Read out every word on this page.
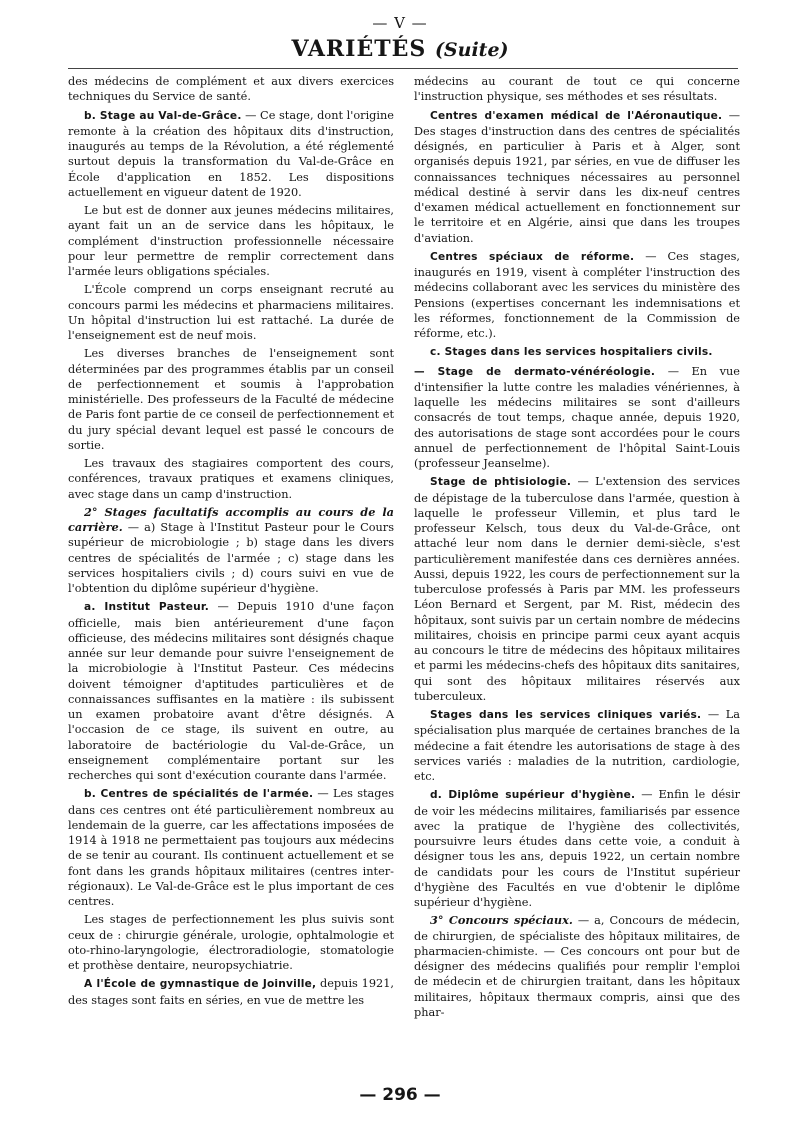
— V —
VARIÉTÉS (Suite)

des médecins de complément et aux divers exercices techniques du Service de santé.

b. Stage au Val-de-Grâce. — Ce stage, dont l'origine remonte à la création des hôpitaux dits d'instruction, inaugurés au temps de la Révolution, a été réglementé surtout depuis la transformation du Val-de-Grâce en École d'application en 1852. Les dispositions actuellement en vigueur datent de 1920.

Le but est de donner aux jeunes médecins militaires, ayant fait un an de service dans les hôpitaux, le complément d'instruction professionnelle nécessaire pour leur permettre de remplir correctement dans l'armée leurs obligations spéciales.

L'École comprend un corps enseignant recruté au concours parmi les médecins et pharmaciens militaires. Un hôpital d'instruction lui est rattaché. La durée de l'enseignement est de neuf mois.

Les diverses branches de l'enseignement sont déterminées par des programmes établis par un conseil de perfectionnement et soumis à l'approbation ministérielle. Des professeurs de la Faculté de médecine de Paris font partie de ce conseil de perfectionnement et du jury spécial devant lequel est passé le concours de sortie.

Les travaux des stagiaires comportent des cours, conférences, travaux pratiques et examens cliniques, avec stage dans un camp d'instruction.

2° Stages facultatifs accomplis au cours de la carrière. — a) Stage à l'Institut Pasteur pour le Cours supérieur de microbiologie ; b) stage dans les divers centres de spécialités de l'armée ; c) stage dans les services hospitaliers civils ; d) cours suivi en vue de l'obtention du diplôme supérieur d'hygiène.

a. Institut Pasteur. — Depuis 1910 d'une façon officielle, mais bien antérieurement d'une façon officieuse, des médecins militaires sont désignés chaque année sur leur demande pour suivre l'enseignement de la microbiologie à l'Institut Pasteur. Ces médecins doivent témoigner d'aptitudes particulières et de connaissances suffisantes en la matière : ils subissent un examen probatoire avant d'être désignés. A l'occasion de ce stage, ils suivent en outre, au laboratoire de bactériologie du Val-de-Grâce, un enseignement complémentaire portant sur les recherches qui sont d'exécution courante dans l'armée.

b. Centres de spécialités de l'armée. — Les stages dans ces centres ont été particulièrement nombreux au lendemain de la guerre, car les affectations imposées de 1914 à 1918 ne permettaient pas toujours aux médecins de se tenir au courant. Ils continuent actuellement et se font dans les grands hôpitaux militaires (centres inter-régionaux). Le Val-de-Grâce est le plus important de ces centres.

Les stages de perfectionnement les plus suivis sont ceux de : chirurgie générale, urologie, ophtalmologie et oto-rhino-laryngologie, électroradiologie, stomatologie et prothèse dentaire, neuropsychiatrie.

A l'École de gymnastique de Joinville, depuis 1921, des stages sont faits en séries, en vue de mettre les

médecins au courant de tout ce qui concerne l'instruction physique, ses méthodes et ses résultats.

Centres d'examen médical de l'Aéronautique. — Des stages d'instruction dans des centres de spécialités désignés, en particulier à Paris et à Alger, sont organisés depuis 1921, par séries, en vue de diffuser les connaissances techniques nécessaires au personnel médical destiné à servir dans les dix-neuf centres d'examen médical actuellement en fonctionnement sur le territoire et en Algérie, ainsi que dans les troupes d'aviation.

Centres spéciaux de réforme. — Ces stages, inaugurés en 1919, visent à compléter l'instruction des médecins collaborant avec les services du ministère des Pensions (expertises concernant les indemnisations et les réformes, fonctionnement de la Commission de réforme, etc.).

c. Stages dans les services hospitaliers civils.

— Stage de dermato-vénéréologie. — En vue d'intensifier la lutte contre les maladies vénériennes, à laquelle les médecins militaires se sont d'ailleurs consacrés de tout temps, chaque année, depuis 1920, des autorisations de stage sont accordées pour le cours annuel de perfectionnement de l'hôpital Saint-Louis (professeur Jeanselme).

Stage de phtisiologie. — L'extension des services de dépistage de la tuberculose dans l'armée, question à laquelle le professeur Villemin, et plus tard le professeur Kelsch, tous deux du Val-de-Grâce, ont attaché leur nom dans le dernier demi-siècle, s'est particulièrement manifestée dans ces dernières années. Aussi, depuis 1922, les cours de perfectionnement sur la tuberculose professés à Paris par MM. les professeurs Léon Bernard et Sergent, par M. Rist, médecin des hôpitaux, sont suivis par un certain nombre de médecins militaires, choisis en principe parmi ceux ayant acquis au concours le titre de médecins des hôpitaux militaires et parmi les médecins-chefs des hôpitaux dits sanitaires, qui sont des hôpitaux militaires réservés aux tuberculeux.

Stages dans les services cliniques variés. — La spécialisation plus marquée de certaines branches de la médecine a fait étendre les autorisations de stage à des services variés : maladies de la nutrition, cardiologie, etc.

d. Diplôme supérieur d'hygiène. — Enfin le désir de voir les médecins militaires, familiarisés par essence avec la pratique de l'hygiène des collectivités, poursuivre leurs études dans cette voie, a conduit à désigner tous les ans, depuis 1922, un certain nombre de candidats pour les cours de l'Institut supérieur d'hygiène des Facultés en vue d'obtenir le diplôme supérieur d'hygiène.

3° Concours spéciaux. — a, Concours de médecin, de chirurgien, de spécialiste des hôpitaux militaires, de pharmacien-chimiste. — Ces concours ont pour but de désigner des médecins qualifiés pour remplir l'emploi de médecin et de chirurgien traitant, dans les hôpitaux militaires, hôpitaux thermaux compris, ainsi que des phar-

— 296 —
